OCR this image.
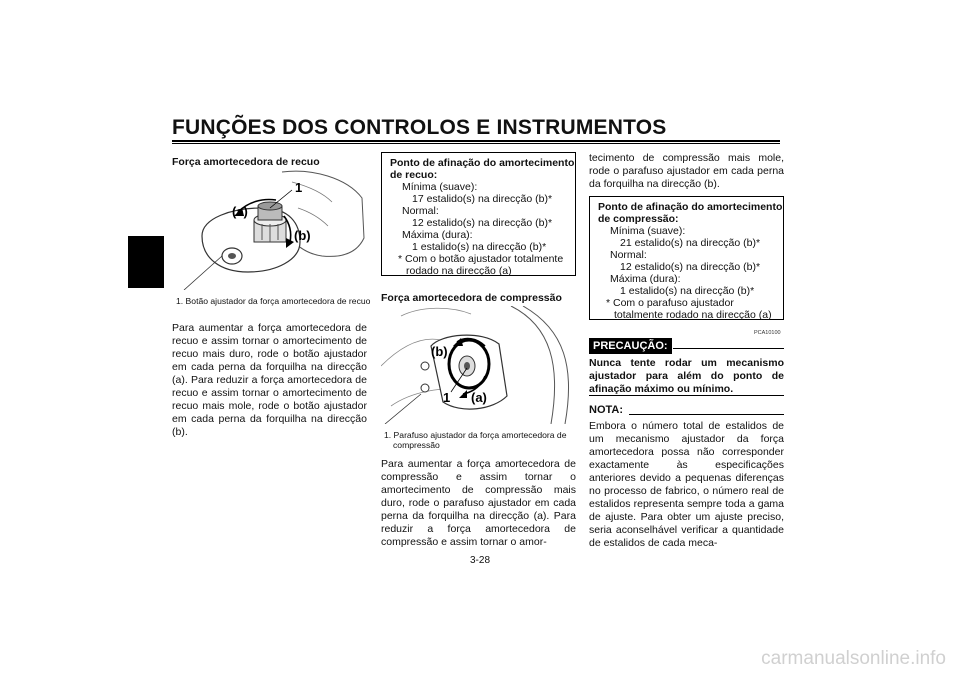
FUNÇÕES DOS CONTROLOS E INSTRUMENTOS
3
Força amortecedora de recuo
1
(a)
(b)
1. Botão ajustador da força amortecedora de recuo
Para aumentar a força amortecedora de recuo e assim tornar o amortecimento de recuo mais duro, rode o botão ajustador em cada perna da forquilha na direcção (a). Para reduzir a força amortecedora de recuo e assim tornar o amortecimento de recuo mais mole, rode o botão ajustador em cada perna da forquilha na direcção (b).
Ponto de afinação do amortecimento de recuo:
Mínima (suave):
17 estalido(s) na direcção (b)*
Normal:
12 estalido(s) na direcção (b)*
Máxima (dura):
1 estalido(s) na direcção (b)*
* Com o botão ajustador totalmente rodado na direcção (a)
Força amortecedora de compressão
(b)
1 (a)
1. Parafuso ajustador da força amortecedora de compressão
Para aumentar a força amortecedora de compressão e assim tornar o amortecimento de compressão mais duro, rode o parafuso ajustador em cada perna da forquilha na direcção (a). Para reduzir a força amortecedora de compressão e assim tornar o amor-
tecimento de compressão mais mole, rode o parafuso ajustador em cada perna da forquilha na direcção (b).
Ponto de afinação do amortecimento de compressão:
Mínima (suave):
21 estalido(s) na direcção (b)*
Normal:
12 estalido(s) na direcção (b)*
Máxima (dura):
1 estalido(s) na direcção (b)*
* Com o parafuso ajustador totalmente rodado na direcção (a)
PCA10100
PRECAUÇÃO:
Nunca tente rodar um mecanismo ajustador para além do ponto de afinação máximo ou mínimo.
NOTA:
Embora o número total de estalidos de um mecanismo ajustador da força amortecedora possa não corresponder exactamente às especificações anteriores devido a pequenas diferenças no processo de fabrico, o número real de estalidos representa sempre toda a gama de ajuste. Para obter um ajuste preciso, seria aconselhável verificar a quantidade de estalidos de cada meca-
3-28
carmanualsonline.info
